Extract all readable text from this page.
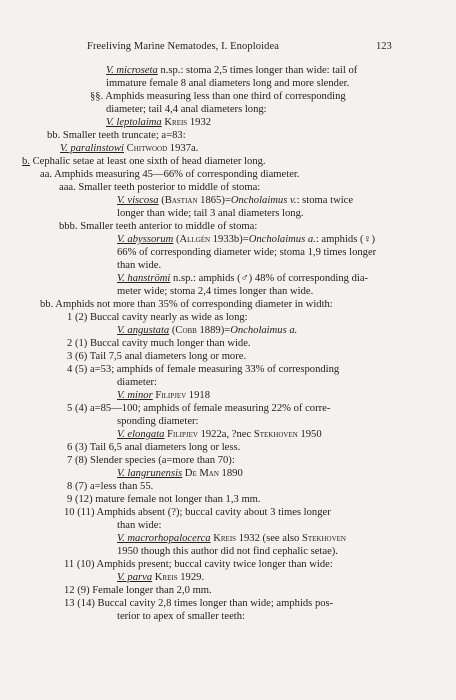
Freeliving Marine Nematodes, I. Enoploidea	123
V. microseta n.sp.: stoma 2,5 times longer than wide: tail of
immature female 8 anal diameters long and more slender.
§§. Amphids measuring less than one third of corresponding
diameter; tail 4,4 anal diameters long:
V. leptolaima Kreis 1932
bb. Smaller teeth truncate; a=83:
V. paralinstowi Chitwood 1937a.
b. Cephalic setae at least one sixth of head diameter long.
aa. Amphids measuring 45—66% of corresponding diameter.
aaa. Smaller teeth posterior to middle of stoma:
V. viscosa (Bastian 1865)=Oncholaimus v.: stoma twice
longer than wide; tail 3 anal diameters long.
bbb. Smaller teeth anterior to middle of stoma:
V. abyssorum (Allgén 1933b)=Oncholaimus a.: amphids (♀)
66% of corresponding diameter wide; stoma 1,9 times longer
than wide.
V. hanströmi n.sp.: amphids (♂) 48% of corresponding dia-
meter wide; stoma 2,4 times longer than wide.
bb. Amphids not more than 35% of corresponding diameter in width:
1 (2) Buccal cavity nearly as wide as long:
V. angustata (Cobb 1889)=Oncholaimus a.
2 (1) Buccal cavity much longer than wide.
3 (6) Tail 7,5 anal diameters long or more.
4 (5) a=53; amphids of female measuring 33% of corresponding
diameter:
V. minor Filipjev 1918
5 (4) a=85—100; amphids of female measuring 22% of corre-
sponding diameter:
V. elongata Filipjev 1922a, ?nec Stekhoven 1950
6 (3) Tail 6,5 anal diameters long or less.
7 (8) Slender species (a=more than 70):
V. langrunensis De Man 1890
8 (7) a=less than 55.
9 (12) mature female not longer than 1,3 mm.
10 (11) Amphids absent (?); buccal cavity about 3 times longer
than wide:
V. macrorhopalocerca Kreis 1932 (see also Stekhoven
1950 though this author did not find cephalic setae).
11 (10) Amphids present; buccal cavity twice longer than wide:
V. parva Kreis 1929.
12 (9) Female longer than 2,0 mm.
13 (14) Buccal cavity 2,8 times longer than wide; amphids pos-
terior to apex of smaller teeth:
